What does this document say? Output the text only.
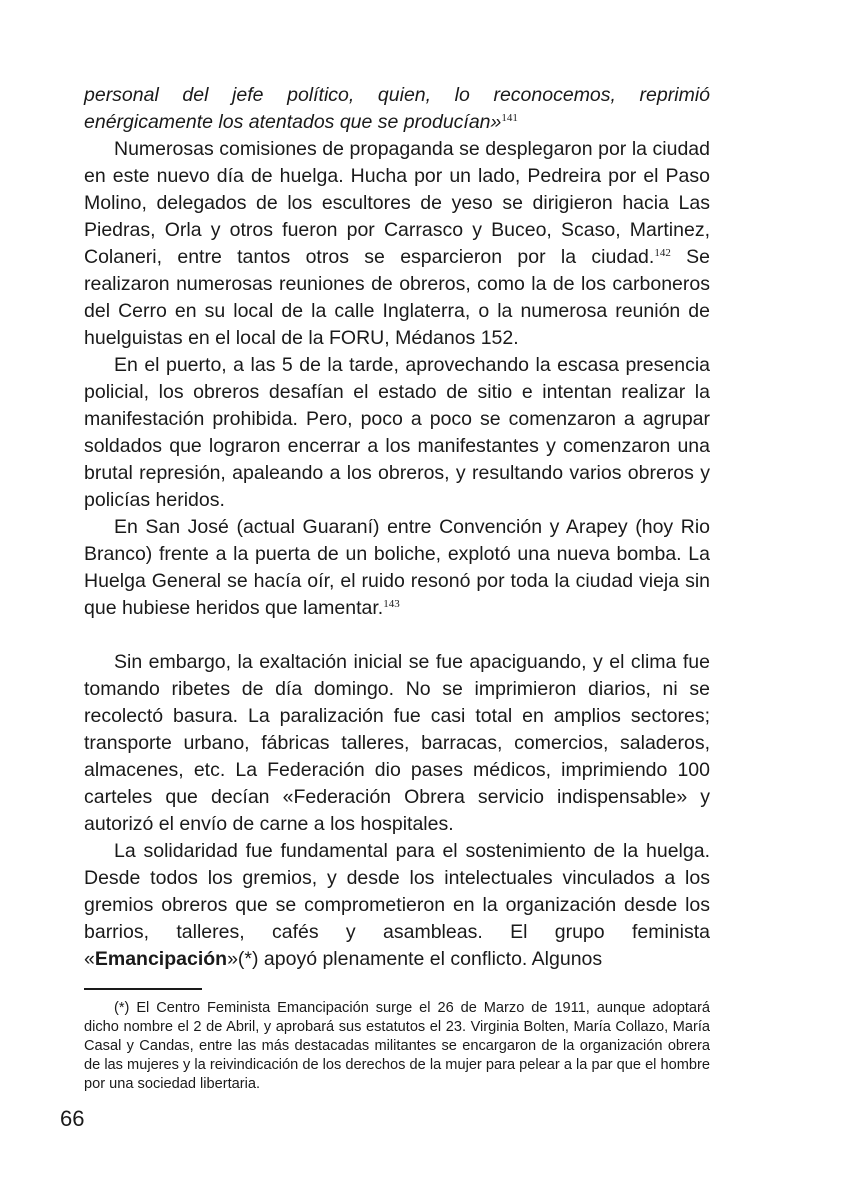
personal del jefe político, quien, lo reconocemos, reprimió enérgicamente los atentados que se producían»$^{141}$

Numerosas comisiones de propaganda se desplegaron por la ciudad en este nuevo día de huelga. Hucha por un lado, Pedreira por el Paso Molino, delegados de los escultores de yeso se dirigieron hacia Las Piedras, Orla y otros fueron por Carrasco y Buceo, Scaso, Martinez, Colaneri, entre tantos otros se esparcieron por la ciudad.$^{142}$ Se realizaron numerosas reuniones de obreros, como la de los carboneros del Cerro en su local de la calle Inglaterra, o la numerosa reunión de huelguistas en el local de la FORU, Médanos 152.

En el puerto, a las 5 de la tarde, aprovechando la escasa presencia policial, los obreros desafían el estado de sitio e intentan realizar la manifestación prohibida. Pero, poco a poco se comenzaron a agrupar soldados que lograron encerrar a los manifestantes y comenzaron una brutal represión, apaleando a los obreros, y resultando varios obreros y policías heridos.

En San José (actual Guaraní) entre Convención y Arapey (hoy Rio Branco) frente a la puerta de un boliche, explotó una nueva bomba. La Huelga General se hacía oír, el ruido resonó por toda la ciudad vieja sin que hubiese heridos que lamentar.$^{143}$

Sin embargo, la exaltación inicial se fue apaciguando, y el clima fue tomando ribetes de día domingo. No se imprimieron diarios, ni se recolectó basura. La paralización fue casi total en amplios sectores; transporte urbano, fábricas talleres, barracas, comercios, saladeros, almacenes, etc. La Federación dio pases médicos, imprimiendo 100 carteles que decían «Federación Obrera servicio indispensable» y autorizó el envío de carne a los hospitales.

La solidaridad fue fundamental para el sostenimiento de la huelga. Desde todos los gremios, y desde los intelectuales vinculados a los gremios obreros que se comprometieron en la organización desde los barrios, talleres, cafés y asambleas. El grupo feminista «Emancipación»(*) apoyó plenamente el conflicto. Algunos

(*) El Centro Feminista Emancipación surge el 26 de Marzo de 1911, aunque adoptará dicho nombre el 2 de Abril, y aprobará sus estatutos el 23. Virginia Bolten, María Collazo, María Casal y Candas, entre las más destacadas militantes se encargaron de la organización obrera de las mujeres y la reivindicación de los derechos de la mujer para pelear a la par que el hombre por una sociedad libertaria.

66
